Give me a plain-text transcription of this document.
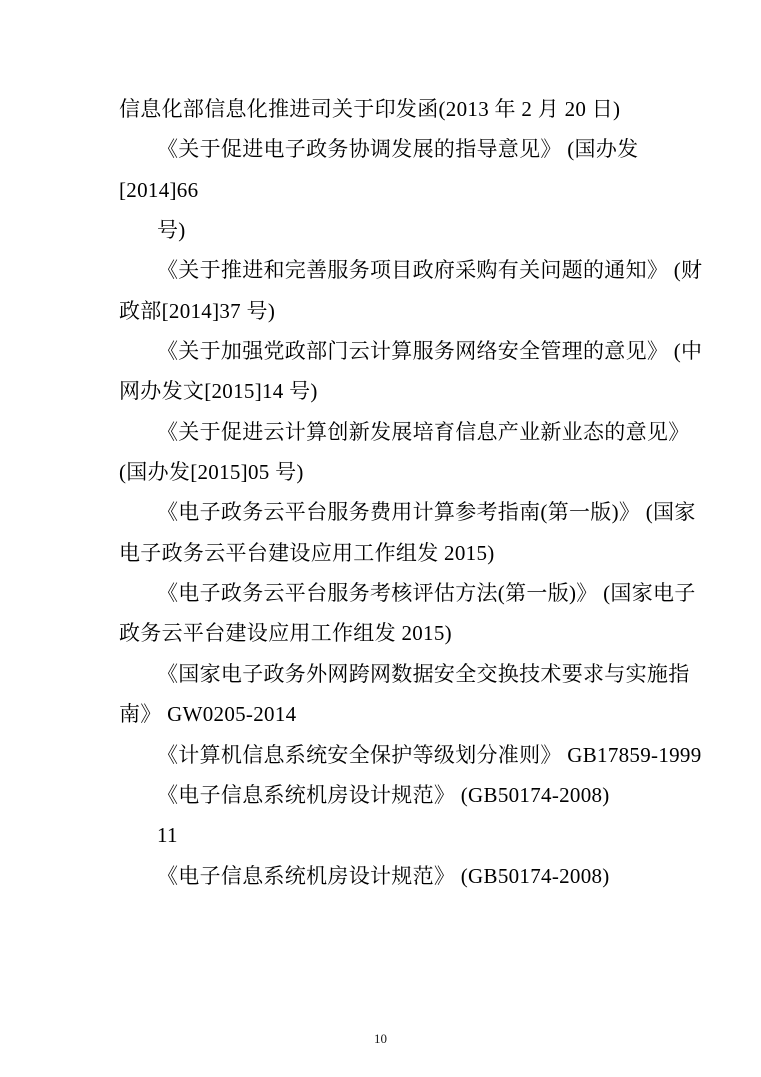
信息化部信息化推进司关于印发函(2013 年 2 月 20 日)

《关于促进电子政务协调发展的指导意见》 (国办发

[2014]66

号)

《关于推进和完善服务项目政府采购有关问题的通知》 (财

政部[2014]37 号)

《关于加强党政部门云计算服务网络安全管理的意见》 (中

网办发文[2015]14 号)

《关于促进云计算创新发展培育信息产业新业态的意见》

(国办发[2015]05 号)

《电子政务云平台服务费用计算参考指南(第一版)》 (国家

电子政务云平台建设应用工作组发 2015)

《电子政务云平台服务考核评估方法(第一版)》 (国家电子

政务云平台建设应用工作组发 2015)

《国家电子政务外网跨网数据安全交换技术要求与实施指

南》 GW0205-2014

《计算机信息系统安全保护等级划分准则》 GB17859-1999

《电子信息系统机房设计规范》 (GB50174-2008)

11

《电子信息系统机房设计规范》 (GB50174-2008)

10
